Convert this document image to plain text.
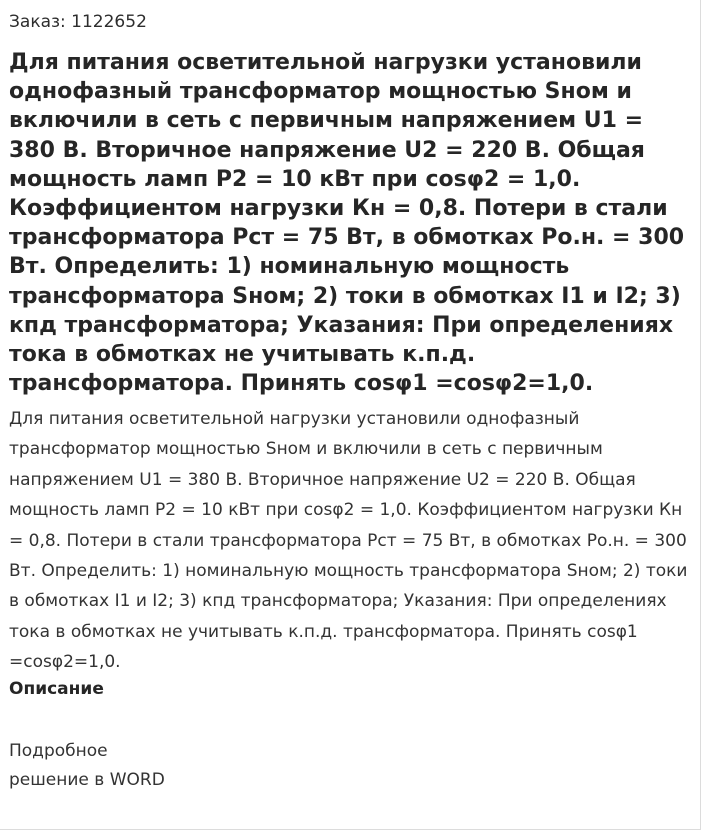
Заказ: 1122652
Для питания осветительной нагрузки установили однофазный трансформатор мощностью Sном и включили в сеть с первичным напряжением U1 = 380 В. Вторичное напряжение U2 = 220 В. Общая мощность ламп P2 = 10 кВт при cosφ2 = 1,0. Коэффициентом нагрузки Кн = 0,8. Потери в стали трансформатора Рст = 75 Вт, в обмотках Ро.н. = 300 Вт. Определить: 1) номинальную мощность трансформатора Sном; 2) токи в обмотках I1 и I2; 3) кпд трансформатора; Указания: При определениях тока в обмотках не учитывать к.п.д. трансформатора. Принять cosφ1 =cosφ2=1,0.

Для питания осветительной нагрузки установили однофазный трансформатор мощностью Sном и включили в сеть с первичным напряжением U1 = 380 В. Вторичное напряжение U2 = 220 В. Общая мощность ламп P2 = 10 кВт при cosφ2 = 1,0. Коэффициентом нагрузки Кн = 0,8. Потери в стали трансформатора Рст = 75 Вт, в обмотках Ро.н. = 300 Вт. Определить: 1) номинальную мощность трансформатора Sном; 2) токи в обмотках I1 и I2; 3) кпд трансформатора; Указания: При определениях тока в обмотках не учитывать к.п.д. трансформатора. Принять cosφ1 =cosφ2=1,0.

Описание

Подробное
решение в WORD
